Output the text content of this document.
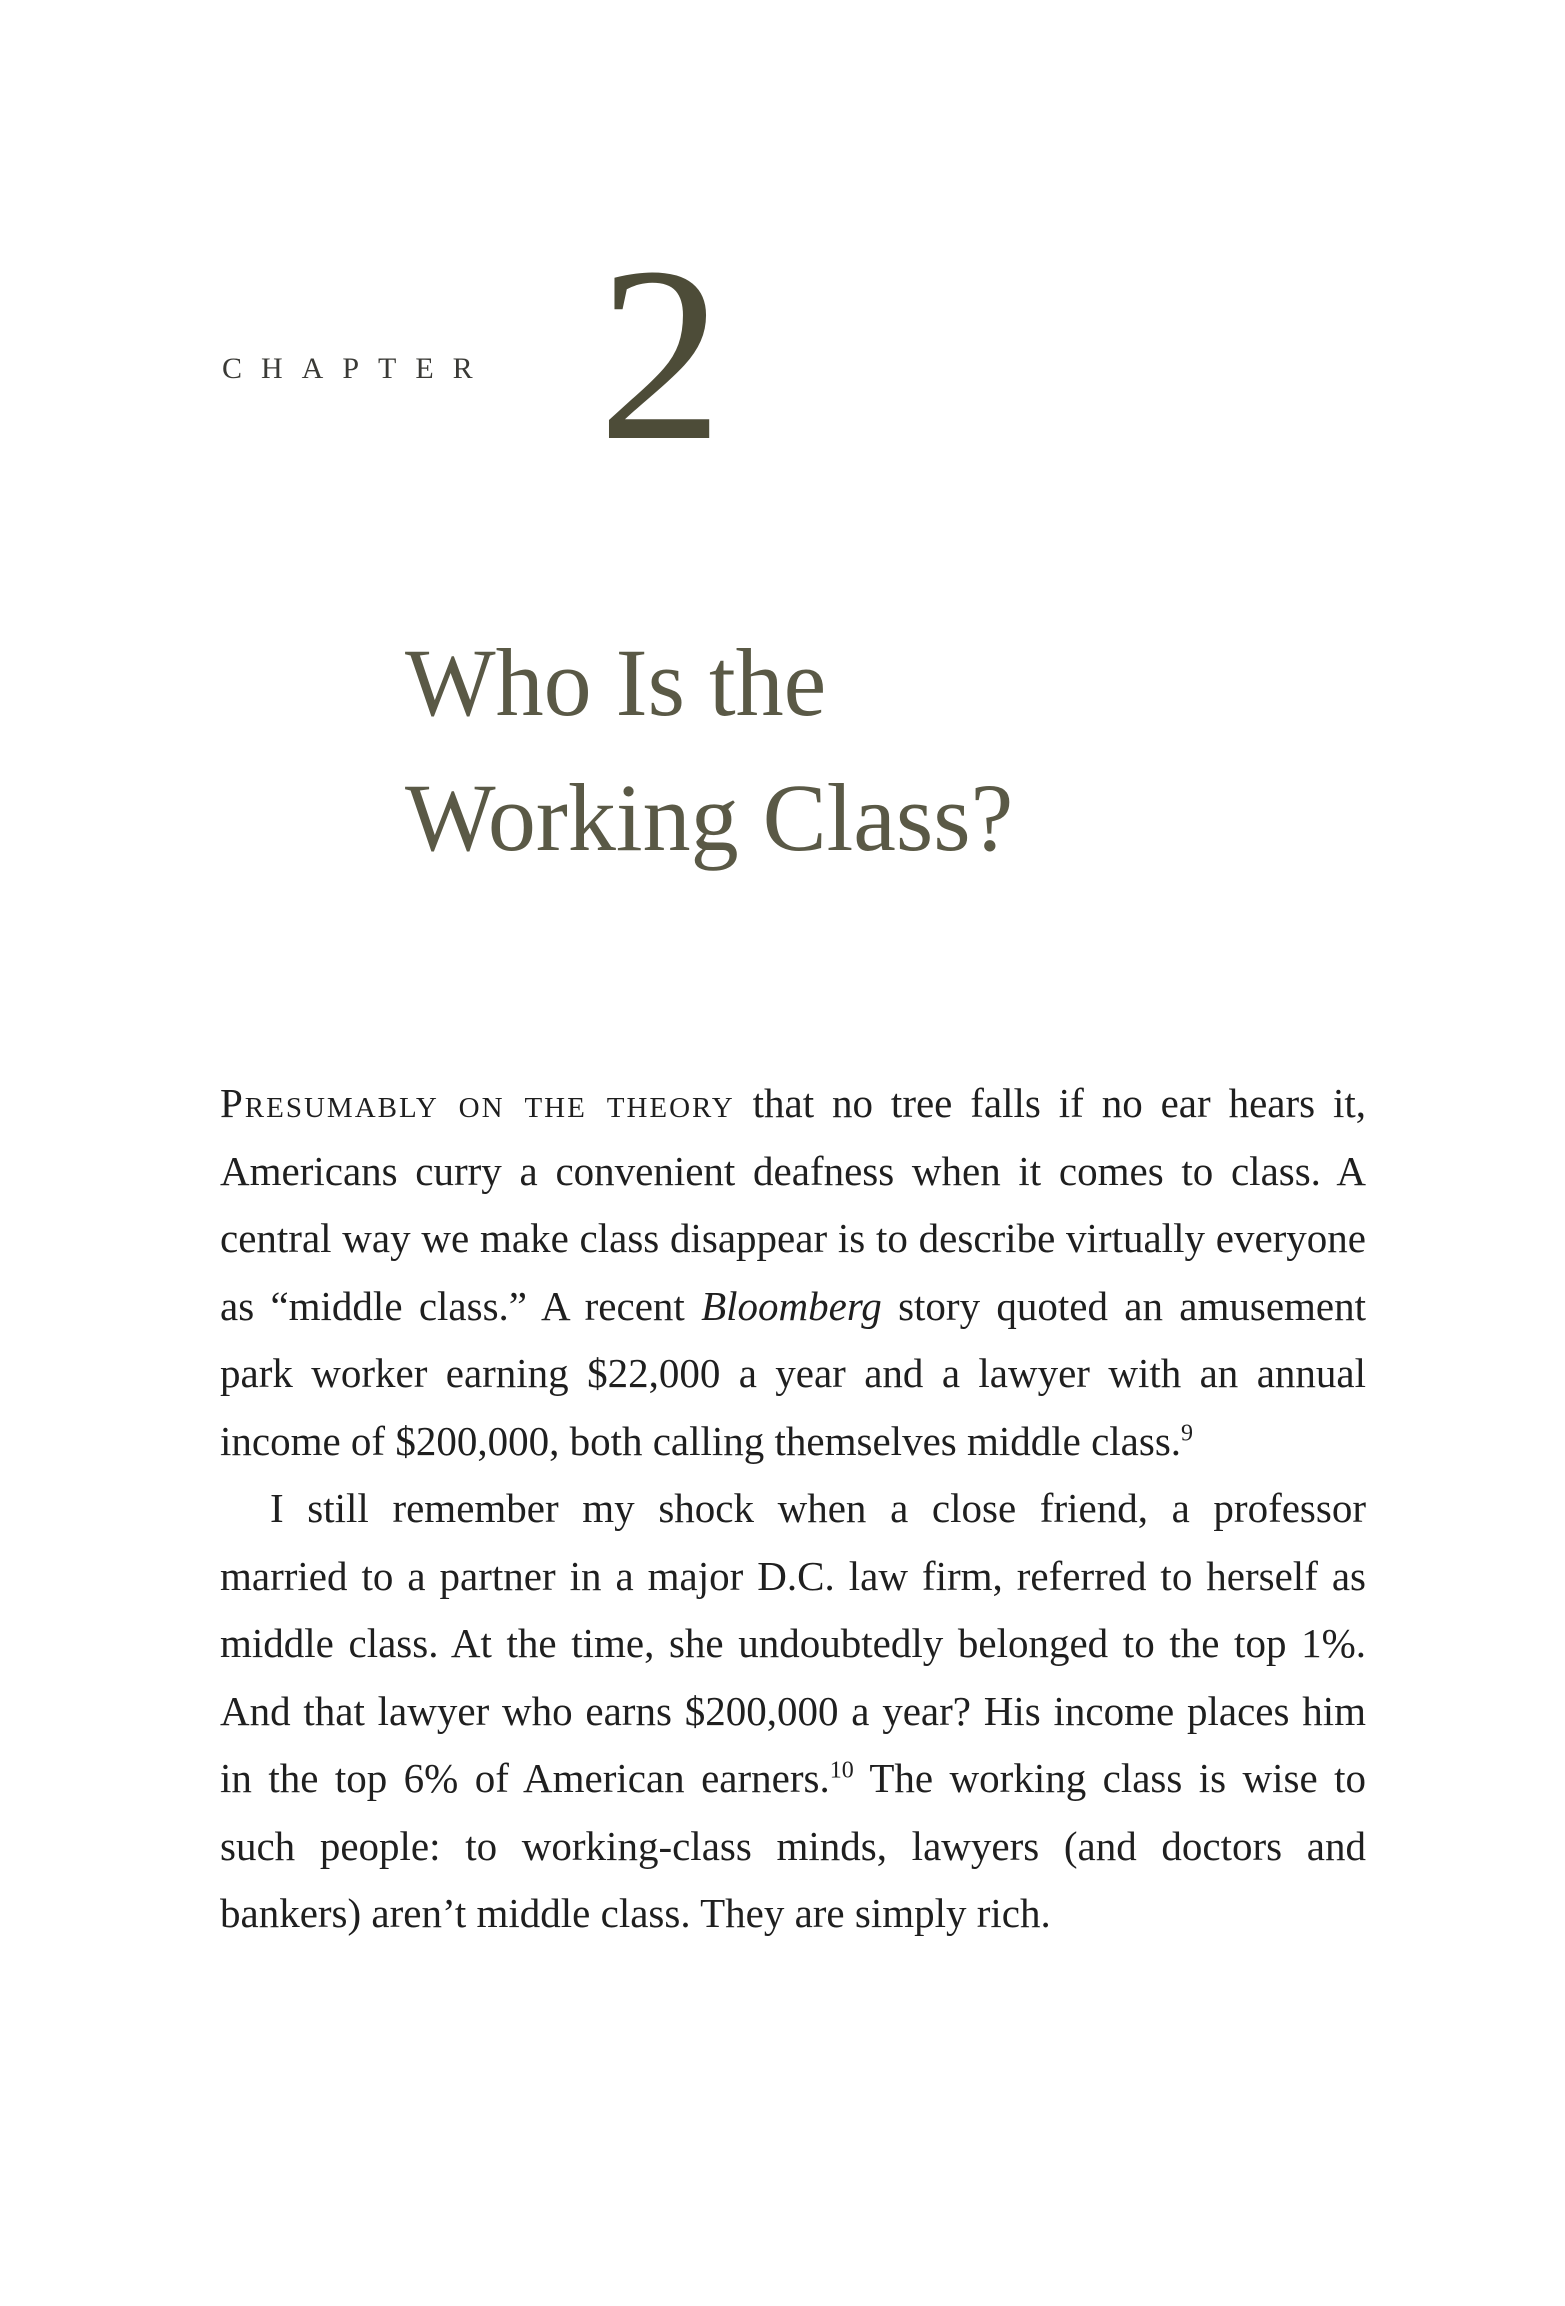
CHAPTER 2
Who Is the
Working Class?

Presumably on the theory that no tree falls if no ear hears it, Americans curry a convenient deafness when it comes to class. A central way we make class disappear is to describe virtually everyone as “middle class.” A recent Bloomberg story quoted an amusement park worker earning $22,000 a year and a lawyer with an annual income of $200,000, both calling themselves middle class.$^9$

I still remember my shock when a close friend, a professor married to a partner in a major D.C. law firm, referred to herself as middle class. At the time, she undoubtedly belonged to the top 1%. And that lawyer who earns $200,000 a year? His income places him in the top 6% of American earners.$^{10}$ The working class is wise to such people: to working-class minds, lawyers (and doctors and bankers) aren’t middle class. They are simply rich.
